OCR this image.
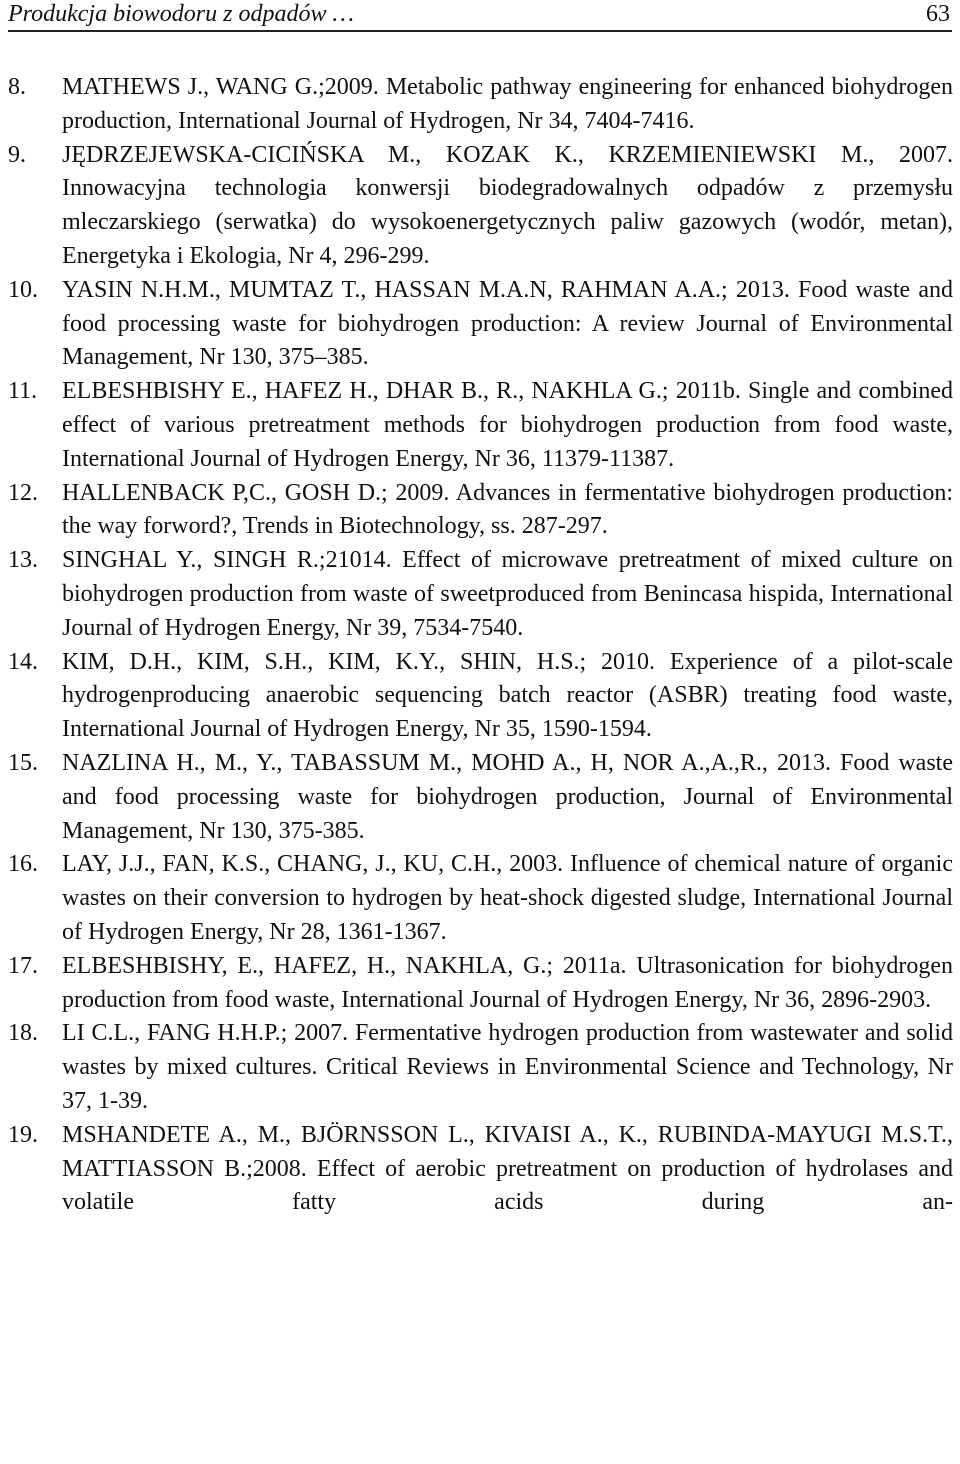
Produkcja biowodoru z odpadów …	63
8. MATHEWS J., WANG G.;2009. Metabolic pathway engineering for enhanced biohydrogen production, International Journal of Hydrogen, Nr 34, 7404-7416.
9. JĘDRZEJEWSKA-CICIŃSKA M., KOZAK K., KRZEMIENIEWSKI M., 2007. Innowacyjna technologia konwersji biodegradowalnych odpadów z przemysłu mleczarskiego (serwatka) do wysokoenergetycznych paliw gazowych (wodór, metan), Energetyka i Ekologia, Nr 4, 296-299.
10. YASIN N.H.M., MUMTAZ T., HASSAN M.A.N, RAHMAN A.A.; 2013. Food waste and food processing waste for biohydrogen production: A review Journal of Environmental Management, Nr 130, 375–385.
11. ELBESHBISHY E., HAFEZ H., DHAR B., R., NAKHLA G.; 2011b. Single and combined effect of various pretreatment methods for biohydrogen production from food waste, International Journal of Hydrogen Energy, Nr 36, 11379-11387.
12. HALLENBACK P,C., GOSH D.; 2009. Advances in fermentative biohydrogen production: the way forword?, Trends in Biotechnology, ss. 287-297.
13. SINGHAL Y., SINGH R.;21014. Effect of microwave pretreatment of mixed culture on biohydrogen production from waste of sweetproduced from Benincasa hispida, International Journal of Hydrogen Energy, Nr 39, 7534-7540.
14. KIM, D.H., KIM, S.H., KIM, K.Y., SHIN, H.S.; 2010. Experience of a pilot-scale hydrogenproducing anaerobic sequencing batch reactor (ASBR) treating food waste, International Journal of Hydrogen Energy, Nr 35, 1590-1594.
15. NAZLINA H., M., Y., TABASSUM M., MOHD A., H, NOR A.,A.,R., 2013. Food waste and food processing waste for biohydrogen production, Journal of Environmental Management, Nr 130, 375-385.
16. LAY, J.J., FAN, K.S., CHANG, J., KU, C.H., 2003. Influence of chemical nature of organic wastes on their conversion to hydrogen by heat-shock digested sludge, International Journal of Hydrogen Energy, Nr 28, 1361-1367.
17. ELBESHBISHY, E., HAFEZ, H., NAKHLA, G.; 2011a. Ultrasonication for biohydrogen production from food waste, International Journal of Hydrogen Energy, Nr 36, 2896-2903.
18. LI C.L., FANG H.H.P.; 2007. Fermentative hydrogen production from wastewater and solid wastes by mixed cultures. Critical Reviews in Environmental Science and Technology, Nr 37, 1-39.
19. MSHANDETE A., M., BJÖRNSSON L., KIVAISI A., K., RUBINDA-MAYUGI M.S.T., MATTIASSON B.;2008. Effect of aerobic pretreatment on production of hydrolases and volatile fatty acids during an-
